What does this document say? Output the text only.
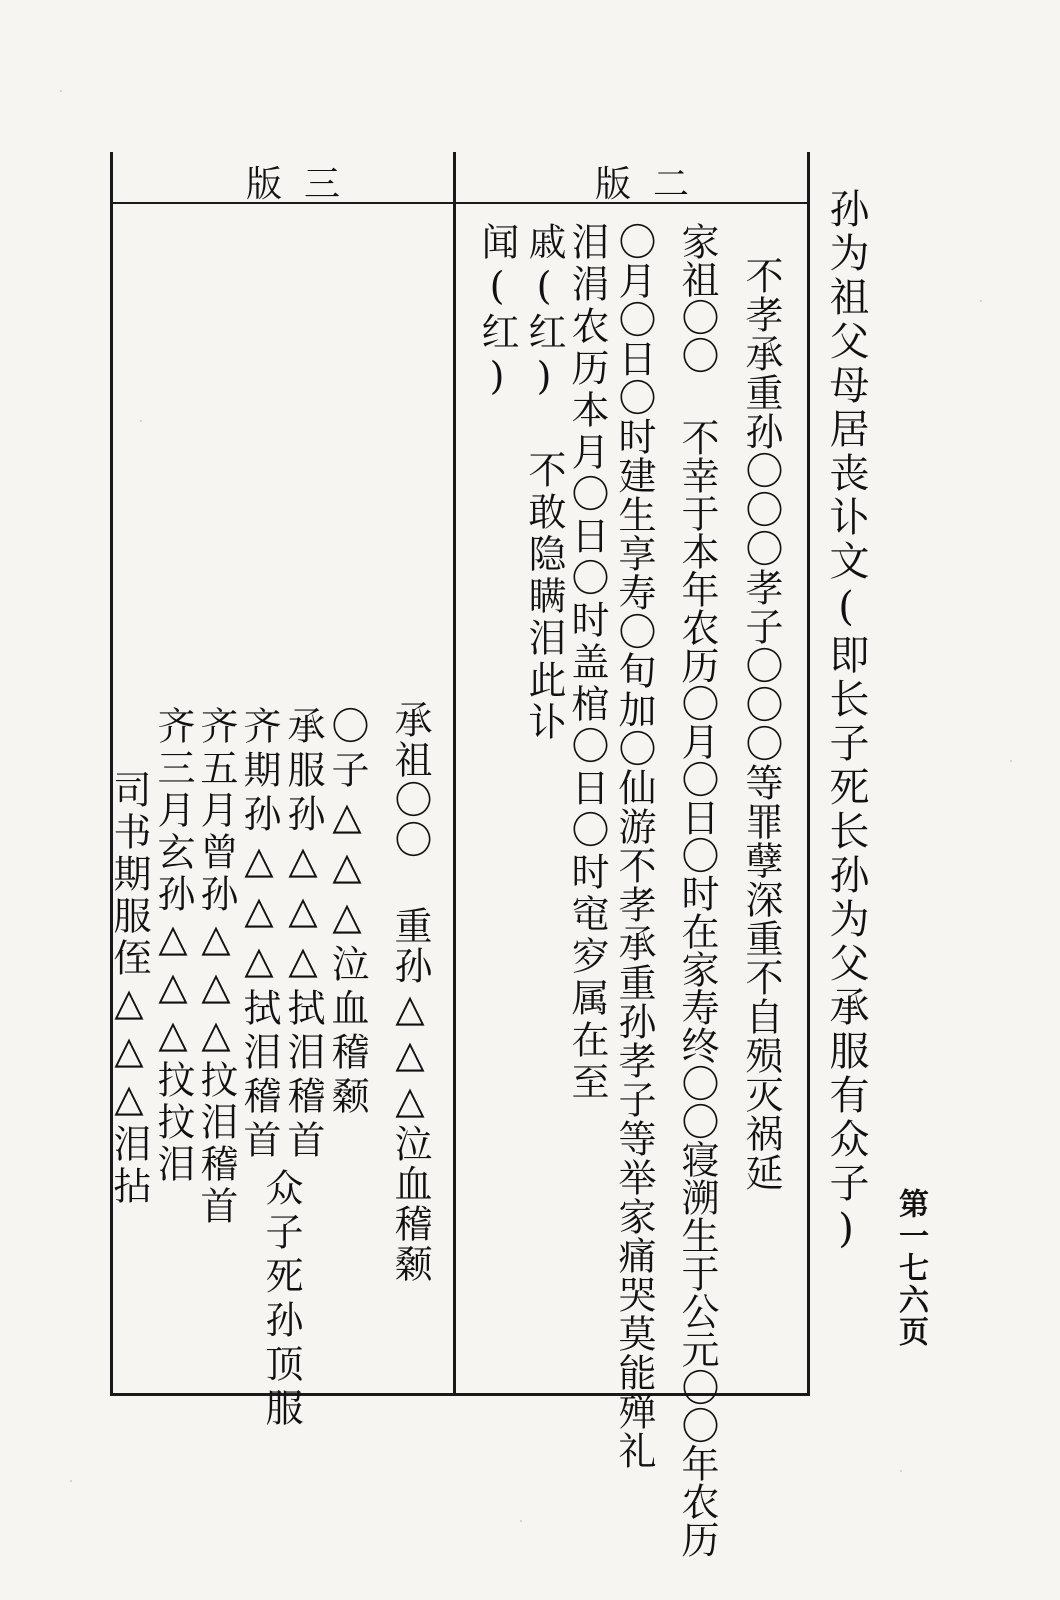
孙为祖父母居丧讣文(即长子死长孙为父承服有众子)
第一七六页
版二
版三
不孝承重孙〇〇〇孝子〇〇〇等罪孽深重不自殒灭祸延
家祖〇〇 不幸于本年农历〇月〇日〇时在家寿终〇〇寝溯生于公元〇〇年农历
〇月〇日〇时建生享寿〇旬加〇仙游不孝承重孙孝子等举家痛哭莫能殚礼
泪涓农历本月〇日〇时盖棺〇日〇时窀穸属在至
戚(红) 不敢隐瞒泪此讣
闻(红)
承祖〇〇 重孙△△△泣血稽颡
〇子△△△泣血稽颡
承服孙△△△拭泪稽首
齐期孙△△△拭泪稽首
齐五月曾孙△△△抆泪稽首
齐三月玄孙△△△抆抆泪
司书期服侄△△△泪拈
众子死孙顶服
